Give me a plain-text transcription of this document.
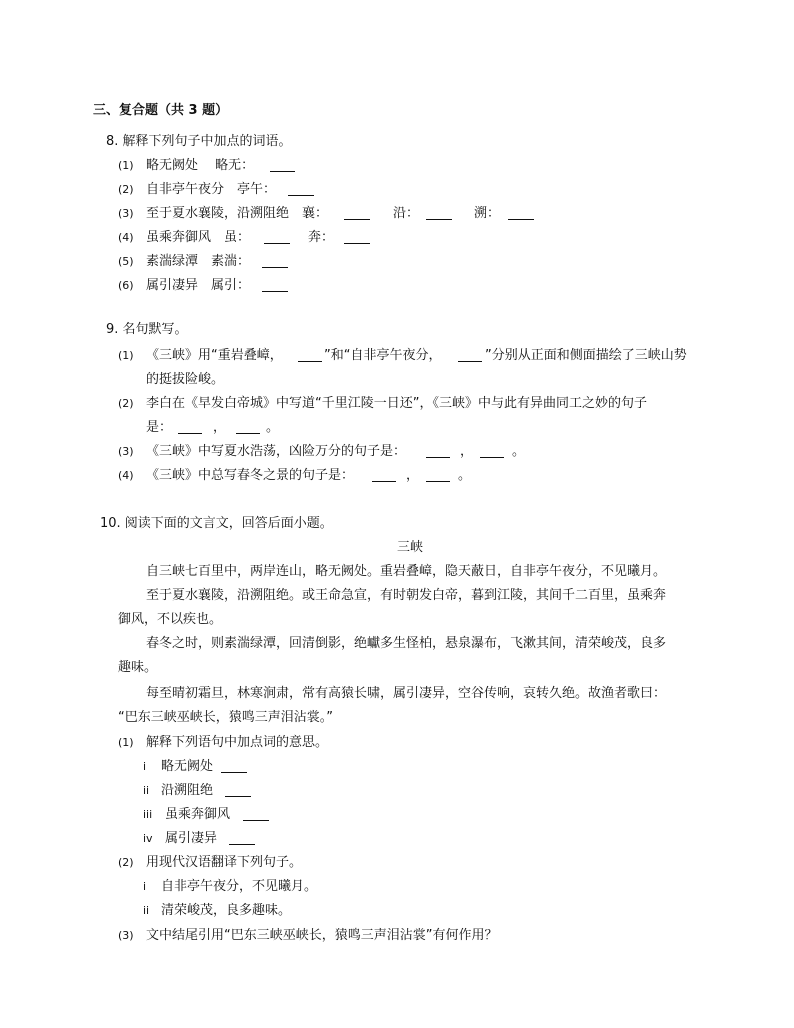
三、复合题（共 3 题）
8. 解释下列句子中加点的词语。
(1) 略无阙处　 略无：
(2) 自非亭午夜分　亭午：
(3) 至于夏水襄陵，沿溯阻绝　襄：	沿：	溯：
(4) 虽乘奔御风　虽：	奔：
(5) 素湍绿潭　素湍：
(6) 属引凄异　属引：
9. 名句默写。
(1) 《三峡》用“重岩叠嶂，	”和“自非亭午夜分，	”分别从正面和侧面描绘了三峡山势
的挺拔险峻。
(2) 李白在《早发白帝城》中写道“千里江陵一日还”，《三峡》中与此有异曲同工之妙的句子
是：	，	。
(3) 《三峡》中写夏水浩荡，凶险万分的句子是：	，	。
(4) 《三峡》中总写春冬之景的句子是：	，	。
10. 阅读下面的文言文，回答后面小题。
三峡
自三峡七百里中，两岸连山，略无阙处。重岩叠嶂，隐天蔽日，自非亭午夜分，不见曦月。
至于夏水襄陵，沿溯阻绝。或王命急宣，有时朝发白帝，暮到江陵，其间千二百里，虽乘奔
御风，不以疾也。
春冬之时，则素湍绿潭，回清倒影，绝巘多生怪柏，悬泉瀑布，飞漱其间，清荣峻茂，良多
趣味。
每至晴初霜旦，林寒涧肃，常有高猿长啸，属引凄异，空谷传响，哀转久绝。故渔者歌曰：
“巴东三峡巫峡长，猿鸣三声泪沾裳。”
(1) 解释下列语句中加点词的意思。
i 略无阙处
ii 沿溯阻绝
iii 虽乘奔御风
iv 属引凄异
(2) 用现代汉语翻译下列句子。
i 自非亭午夜分，不见曦月。
ii 清荣峻茂，良多趣味。
(3) 文中结尾引用“巴东三峡巫峡长，猿鸣三声泪沾裳”有何作用？
